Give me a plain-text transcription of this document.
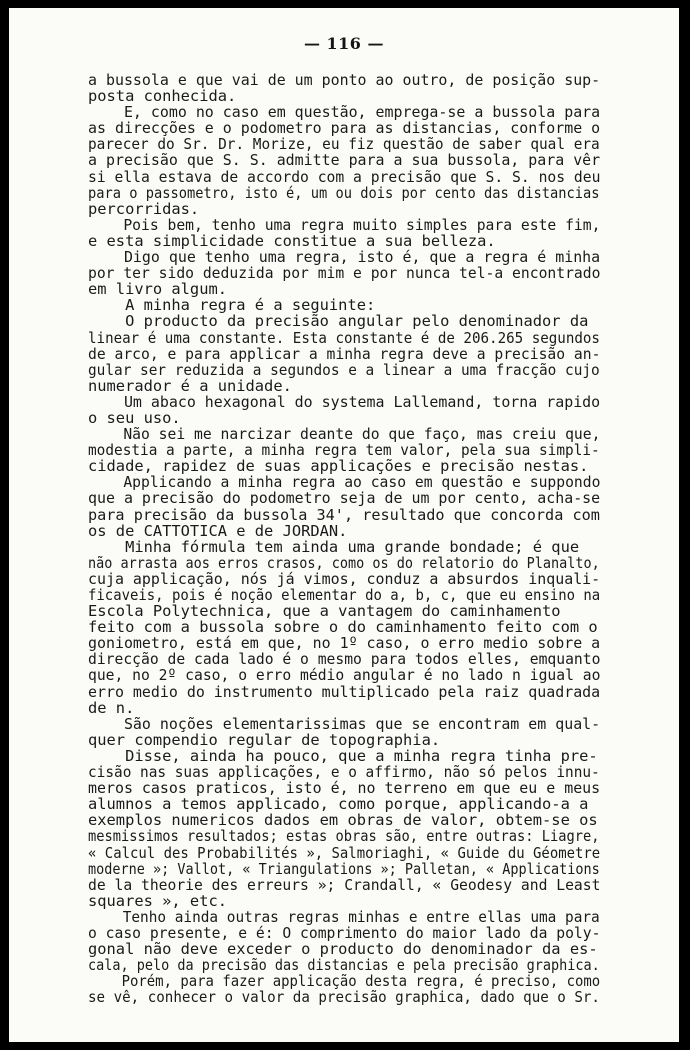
— 116 —
a bussola e que vai de um ponto ao outro, de posição sup-
posta conhecida.
E, como no caso em questão, emprega-se a bussola para
as direcções e o podometro para as distancias, conforme o
parecer do Sr. Dr. Morize, eu fiz questão de saber qual era
a precisão que S. S. admitte para a sua bussola, para vêr
si ella estava de accordo com a precisão que S. S. nos deu
para o passometro, isto é, um ou dois por cento das distancias
percorridas.
Pois bem, tenho uma regra muito simples para este fim,
e esta simplicidade constitue a sua belleza.
Digo que tenho uma regra, isto é, que a regra é minha
por ter sido deduzida por mim e por nunca tel-a encontrado
em livro algum.
A minha regra é a seguinte:
O producto da precisão angular pelo denominador da
linear é uma constante. Esta constante é de 206.265 segundos
de arco, e para applicar a minha regra deve a precisão an-
gular ser reduzida a segundos e a linear a uma fracção cujo
numerador é a unidade.
Um abaco hexagonal do systema Lallemand, torna rapido
o seu uso.
Não sei me narcizar deante do que faço, mas creiu que,
modestia a parte, a minha regra tem valor, pela sua simpli-
cidade, rapidez de suas applicações e precisão nestas.
Applicando a minha regra ao caso em questão e suppondo
que a precisão do podometro seja de um por cento, acha-se
para precisão da bussola 34', resultado que concorda com
os de CATTOTICA e de JORDAN.
Minha fórmula tem ainda uma grande bondade; é que
não arrasta aos erros crasos, como os do relatorio do Planalto,
cuja applicação, nós já vimos, conduz a absurdos inquali-
ficaveis, pois é noção elementar do a, b, c, que eu ensino na
Escola Polytechnica, que a vantagem do caminhamento
feito com a bussola sobre o do caminhamento feito com o
goniometro, está em que, no 1º caso, o erro medio sobre a
direcção de cada lado é o mesmo para todos elles, emquanto
que, no 2º caso, o erro médio angular é no lado n igual ao
erro medio do instrumento multiplicado pela raiz quadrada
de n.
São noções elementarissimas que se encontram em qual-
quer compendio regular de topographia.
Disse, ainda ha pouco, que a minha regra tinha pre-
cisão nas suas applicações, e o affirmo, não só pelos innu-
meros casos praticos, isto é, no terreno em que eu e meus
alumnos a temos applicado, como porque, applicando-a a
exemplos numericos dados em obras de valor, obtem-se os
mesmissimos resultados; estas obras são, entre outras: Liagre,
« Calcul des Probabilités », Salmoriaghi, « Guide du Géometre
moderne »; Vallot, « Triangulations »; Palletan, « Applications
de la theorie des erreurs »; Crandall, « Geodesy and Least
squares », etc.
Tenho ainda outras regras minhas e entre ellas uma para
o caso presente, e é: O comprimento do maior lado da poly-
gonal não deve exceder o producto do denominador da es-
cala, pelo da precisão das distancias e pela precisão graphica.
Porém, para fazer applicação desta regra, é preciso, como
se vê, conhecer o valor da precisão graphica, dado que o Sr.
